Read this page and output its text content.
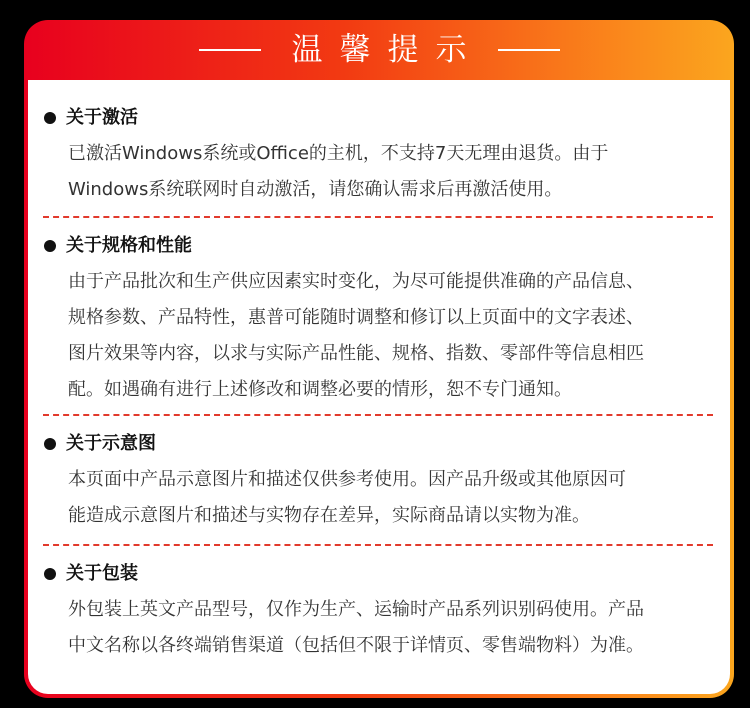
温馨提示
关于激活
已激活Windows系统或Office的主机，不支持7天无理由退货。由于
Windows系统联网时自动激活，请您确认需求后再激活使用。
关于规格和性能
由于产品批次和生产供应因素实时变化，为尽可能提供准确的产品信息、
规格参数、产品特性，惠普可能随时调整和修订以上页面中的文字表述、
图片效果等内容，以求与实际产品性能、规格、指数、零部件等信息相匹
配。如遇确有进行上述修改和调整必要的情形，恕不专门通知。
关于示意图
本页面中产品示意图片和描述仅供参考使用。因产品升级或其他原因可
能造成示意图片和描述与实物存在差异，实际商品请以实物为准。
关于包装
外包装上英文产品型号，仅作为生产、运输时产品系列识别码使用。产品
中文名称以各终端销售渠道（包括但不限于详情页、零售端物料）为准。
